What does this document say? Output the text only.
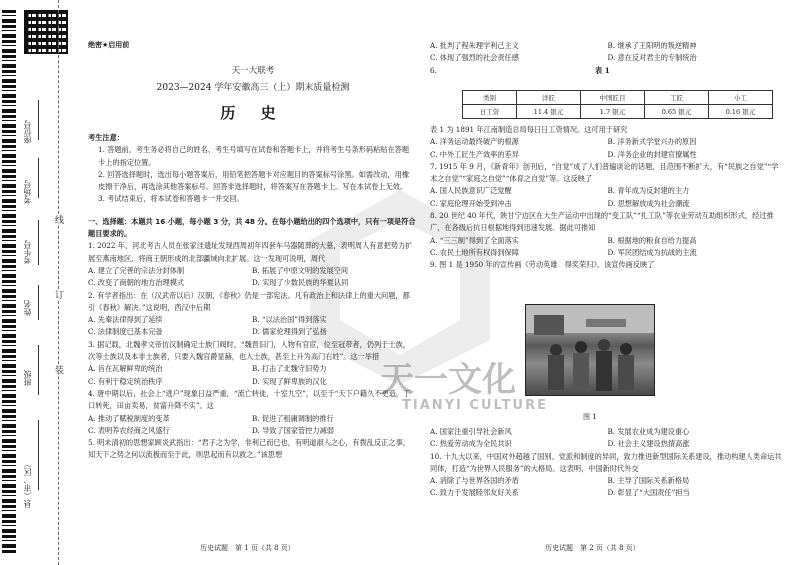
座位号
考场号
考生号
姓名
班级
县（市、区）
线
订
装	天一文化
TIANYI CULTURE
绝密★启用前
天一大联考
2023—2024 学年安徽高三（上）期末质量检测
历 史

考生注意：

1. 答题前，考生务必将自己的姓名、考生号填写在试卷和答题卡上，并将考生号条形码粘贴在答题卡上的指定位置。

2. 回答选择题时，选出每小题答案后，用铅笔把答题卡对应题目的答案标号涂黑。如需改动，用橡皮擦干净后，再选涂其他答案标号。回答非选择题时，将答案写在答题卡上。写在本试卷上无效。

3. 考试结束后，将本试卷和答题卡一并交回。

一、选择题：本题共 16 小题，每小题 3 分，共 48 分。在每小题给出的四个选项中，只有一项是符合题目要求的。

1. 2022 年，河北考古人员在张家洼遗址发现西周初年四套车马器随葬的大墓，表明周人有意把势力扩展至燕南地区，将商王朝形成的北部疆域向北扩展。这一发现可说明，周代

A. 建立了完善的宗法分封体制	B. 拓展了中原文明的发展空间
C. 改变了商朝的地方治理模式	D. 实现了少数民族的华夏认同

2. 有学者指出：在（汉武帝以后）汉朝，《春秋》仍是一部宪法。凡有政治上和法律上的重大问题，都引《春秋》解决。”这说明，西汉中后期

A. 先秦法律得到了延续	B. “以法治国”得到落实
C. 法律制度已基本完备	D. 儒家伦理得到了弘扬

3. 据记载，北魏孝文帝仿汉制确定士族门阀时，“魏晋旧门，人物有官宦，位至冠带者，仍列于士族，次等士族以及本非士族者，只要入魏官爵显赫，也入士族，甚至上升为高门右姓”。这一举措

A. 旨在瓦解鲜卑的统治	B. 打击了北魏守旧势力
C. 有利于稳定统治秩序	D. 实现了鲜卑族的汉化

4. 唐中期以后，社会上“逃户”现象日益严重，“流亡转徙，十室九空”，以至于“天下户籍久不更造，丁口转死，田亩卖易，贫富升降不实”。这

A. 推动了赋税制度的变革	B. 促进了租庸调制的推行
C. 表明养农经商之风盛行	D. 导致了国家管控力减弱

5. 明末清初的思想家顾炎武指出：“君子之为学，非利己而已也，有明道淑人之心，有拨乱反正之事，知天下之势之何以流极而至于此，则思起而有以救之。”该思想

历史试题　第 1 页（共 8 页）
A. 批判了程朱理学利己主义	B. 继承了王阳明的叛逆精神
C. 体现了强烈的社会责任感	D. 意在反对君主的专制统治

6.	表 1

类别	洋匠	中国匠目	工匠	小工
日工资	11.4 银元	1.7 银元	0.65 银元	0.16 银元

表 1 为 1891 年江南制造总局每日日工资情况。这可用于研究

A. 洋务运动最终破产的根源	B. 洋务新式学堂兴办的原因
C. 中外工匠生产效率的差异	D. 洋务企业的封建官僚属性

7. 1915 年 9 月，《新青年》创刊后，“自觉”成了人们普遍谈论的话题，且范围不断扩大，有“民族之自觉”“学术之自觉”“家庭之自觉”“体育之自觉”等。这反映了

A. 国人民族意识广泛觉醒	B. 青年成为反封建的主力
C. 家庭伦理开始受到冲击	D. 思想解放成为社会潮流

8. 20 世纪 40 年代，陕甘宁边区在大生产运动中出现的“变工队”“扎工队”等农业劳动互助组织形式，经过推广，在各级后抗日根据地得到迅速发展。据此可推知

A. “三三制”得到了全面落实	B. 根据地的粮食自给力提高
C. 农民土地所有权得到保障	D. 军民团结成为抗战的主流

9. 图 1 是 1950 年的宣传画《劳动英雄　得奖荣归》。该宣传画反映了

图 1
A. 国家注重引导社会新风	B. 发展农业成为建设重心
C. 热爱劳动成为全民共识	D. 社会主义建设热情高涨

10. 十九大以来，中国对外超越了国别、党派和制度的异同，致力推进新型国际关系建设，推动构建人类命运共同体，打造“为世界人民服务”的大格局。这表明，中国新时代外交

A. 消除了与世界各国的矛盾	B. 主导了国际关系新格局
C. 致力于发展睦邻友好关系	D. 彰显了“大国责任”担当
历史试题　第 2 页（共 8 页）
